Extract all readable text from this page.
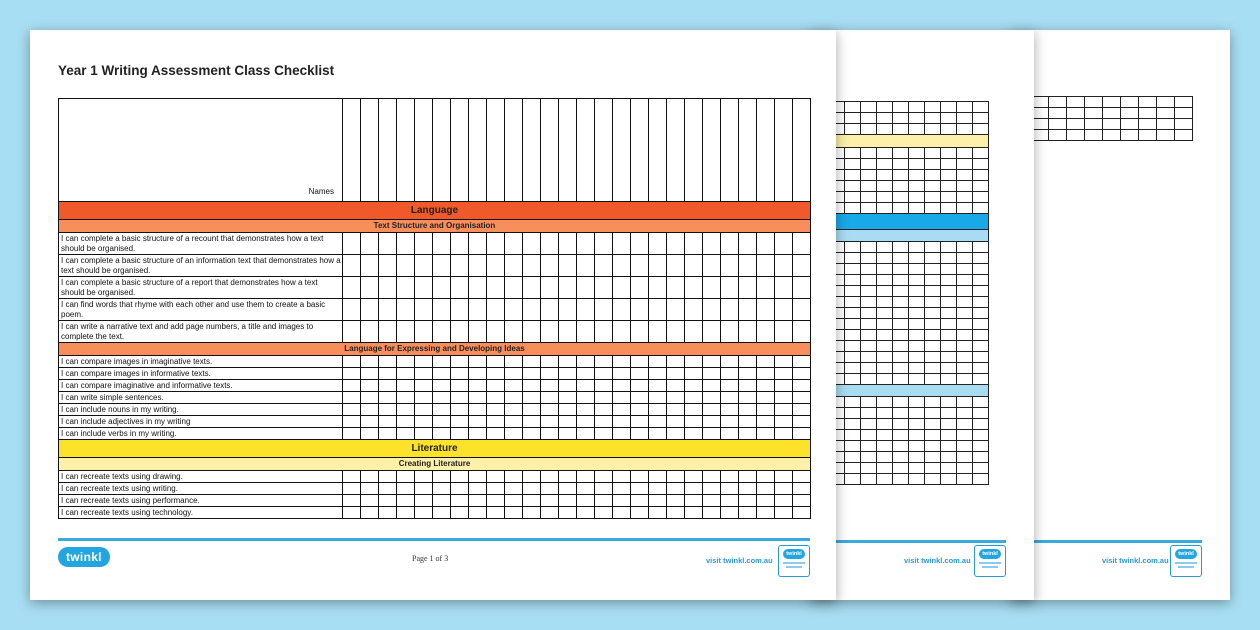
visit twinkl.com.au
twinkl

visit twinkl.com.au
twinkl
Year 1 Writing Assessment Class Checklist
Names																										
Language																										
Text Structure and Organisation																										
I can complete a basic structure of a recount that demonstrates how a text should be organised.																										
I can complete a basic structure of an information text that demonstrates how a text should be organised.																										
I can complete a basic structure of a report that demonstrates how a text should be organised.																										
I can find words that rhyme with each other and use them to create a basic poem.																										
I can write a narrative text and add page numbers, a title and images to complete the text.																										
Language for Expressing and Developing Ideas																										
I can compare images in imaginative texts.																										
I can compare images in informative texts.																										
I can compare imaginative and informative texts.																										
I can write simple sentences.																										
I can include nouns in my writing.																										
I can include adjectives in my writing																										
I can include verbs in my writing.																										
Literature																										
Creating Literature																										
I can recreate texts using drawing.																										
I can recreate texts using writing.																										
I can recreate texts using performance.																										
I can recreate texts using technology.																										
twinkl	Page 1 of 3	visit twinkl.com.au
twinkl
